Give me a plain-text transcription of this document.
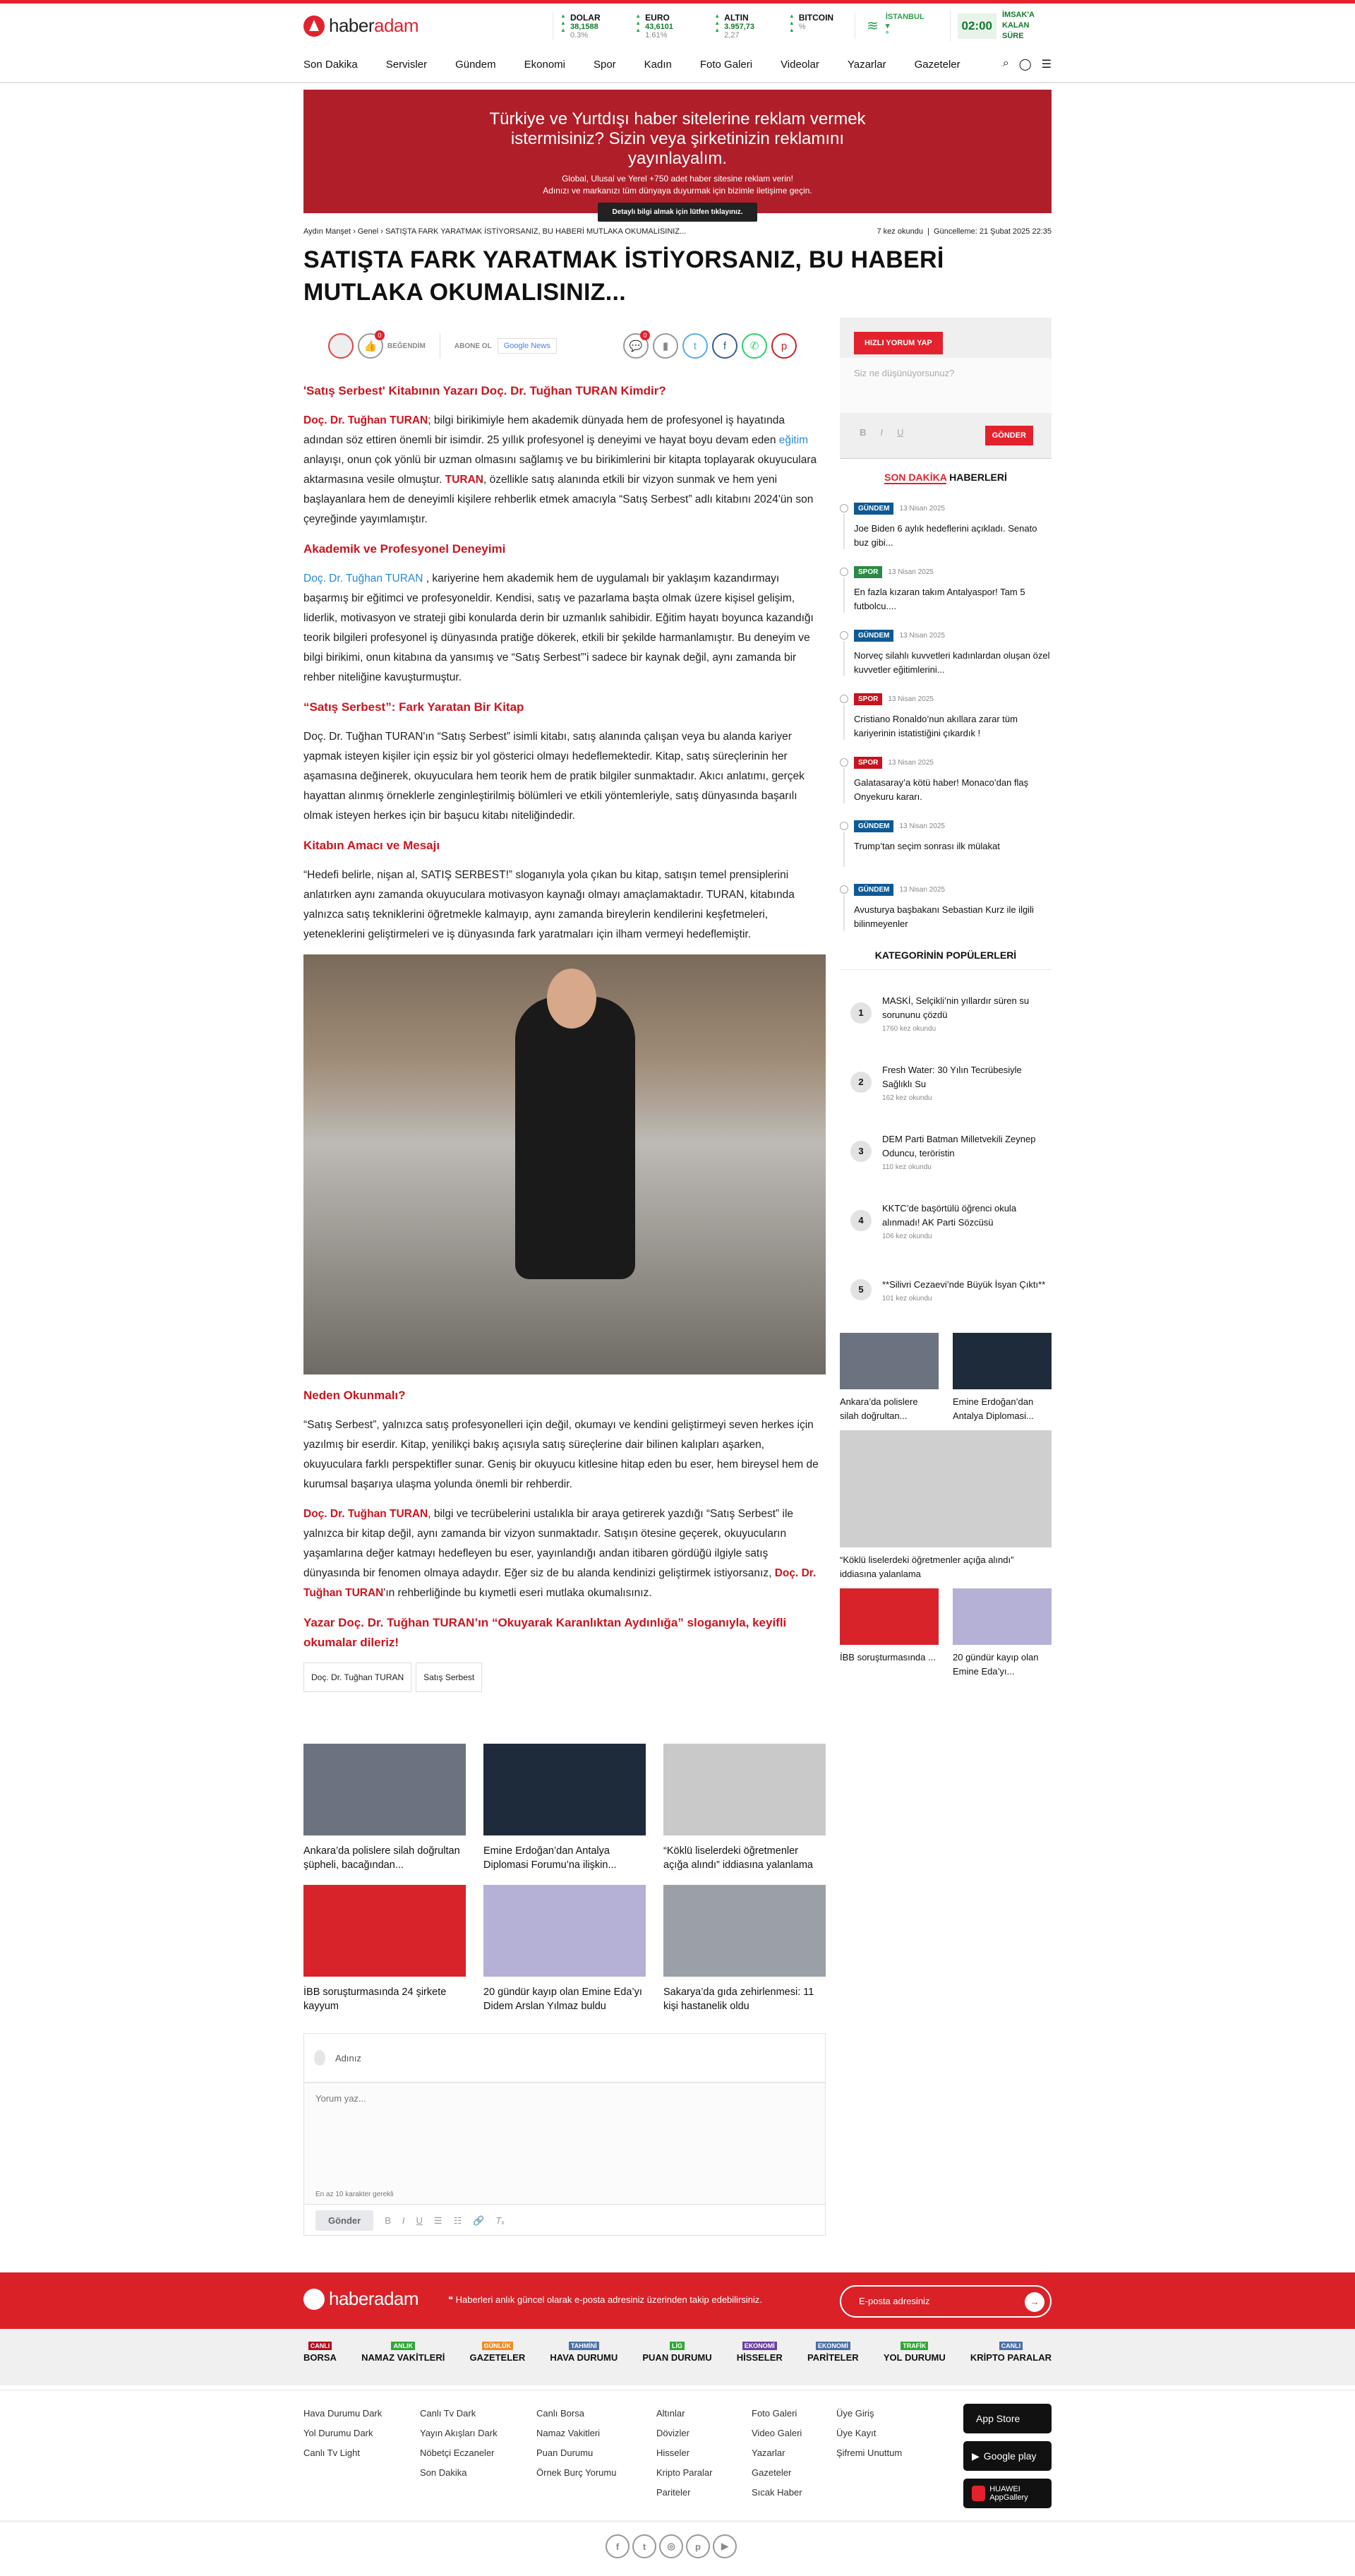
haber adam	▲
▲
▲
DOLAR
38,1588 0.3%
▲
▲
▲
EURO
43,6101 1.61%
▲
▲
▲
ALTIN
3.957,73 2,27
▲
▲
▲
BITCOIN
%	≋
İSTANBUL ▾
°
02:00
İMSAK'A KALAN SÜRE
Son Dakika	Servisler	Gündem	Ekonomi	Spor	Kadın	Foto Galeri	Videolar	Yazarlar	Gazeteler	⌕ ◯ ☰
Türkiye ve Yurtdışı haber sitelerine reklam vermek istermisiniz? Sizin veya şirketinizin reklamını yayınlayalım.

Global, Ulusal ve Yerel +750 adet haber sitesine reklam verin!

Adınızı ve markanızı tüm dünyaya duyurmak için bizimle iletişime geçin.

Detaylı bilgi almak için lütfen tıklayınız.
Aydın Manşet › Genel › SATIŞTA FARK YARATMAK İSTİYORSANIZ, BU HABERİ MUTLAKA OKUMALISINIZ...	7 kez okundu  |  Güncelleme: 21 Şubat 2025 22:35
SATIŞTA FARK YARATMAK İSTİYORSANIZ, BU HABERİ MUTLAKA OKUMALISINIZ...
👍
0
BEĞENDİM	ABONE OL	Google News	💬
0
▮	t	f	✆	p
'Satış Serbest' Kitabının Yazarı Doç. Dr. Tuğhan TURAN Kimdir?

Doç. Dr. Tuğhan TURAN; bilgi birikimiyle hem akademik dünyada hem de profesyonel iş hayatında adından söz ettiren önemli bir isimdir. 25 yıllık profesyonel iş deneyimi ve hayat boyu devam eden eğitim anlayışı, onun çok yönlü bir uzman olmasını sağlamış ve bu birikimlerini bir kitapta toplayarak okuyuculara aktarmasına vesile olmuştur. TURAN, özellikle satış alanında etkili bir vizyon sunmak ve hem yeni başlayanlara hem de deneyimli kişilere rehberlik etmek amacıyla “Satış Serbest” adlı kitabını 2024'ün son çeyreğinde yayımlamıştır.

Akademik ve Profesyonel Deneyimi

Doç. Dr. Tuğhan TURAN , kariyerine hem akademik hem de uygulamalı bir yaklaşım kazandırmayı başarmış bir eğitimci ve profesyoneldir. Kendisi, satış ve pazarlama başta olmak üzere kişisel gelişim, liderlik, motivasyon ve strateji gibi konularda derin bir uzmanlık sahibidir. Eğitim hayatı boyunca kazandığı teorik bilgileri profesyonel iş dünyasında pratiğe dökerek, etkili bir şekilde harmanlamıştır. Bu deneyim ve bilgi birikimi, onun kitabına da yansımış ve “Satış Serbest”'i sadece bir kaynak değil, aynı zamanda bir rehber niteliğine kavuşturmuştur.

“Satış Serbest”: Fark Yaratan Bir Kitap

Doç. Dr. Tuğhan TURAN'ın “Satış Serbest” isimli kitabı, satış alanında çalışan veya bu alanda kariyer yapmak isteyen kişiler için eşsiz bir yol gösterici olmayı hedeflemektedir. Kitap, satış süreçlerinin her aşamasına değinerek, okuyuculara hem teorik hem de pratik bilgiler sunmaktadır. Akıcı anlatımı, gerçek hayattan alınmış örneklerle zenginleştirilmiş bölümleri ve etkili yöntemleriyle, satış dünyasında başarılı olmak isteyen herkes için bir başucu kitabı niteliğindedir.

Kitabın Amacı ve Mesajı

“Hedefi belirle, nişan al, SATIŞ SERBEST!” sloganıyla yola çıkan bu kitap, satışın temel prensiplerini anlatırken aynı zamanda okuyuculara motivasyon kaynağı olmayı amaçlamaktadır. TURAN, kitabında yalnızca satış tekniklerini öğretmekle kalmayıp, aynı zamanda bireylerin kendilerini keşfetmeleri, yeteneklerini geliştirmeleri ve iş dünyasında fark yaratmaları için ilham vermeyi hedeflemiştir.

Neden Okunmalı?

“Satış Serbest”, yalnızca satış profesyonelleri için değil, okumayı ve kendini geliştirmeyi seven herkes için yazılmış bir eserdir. Kitap, yenilikçi bakış açısıyla satış süreçlerine dair bilinen kalıpları aşarken, okuyuculara farklı perspektifler sunar. Geniş bir okuyucu kitlesine hitap eden bu eser, hem bireysel hem de kurumsal başarıya ulaşma yolunda önemli bir rehberdir.

Doç. Dr. Tuğhan TURAN, bilgi ve tecrübelerini ustalıkla bir araya getirerek yazdığı “Satış Serbest” ile yalnızca bir kitap değil, aynı zamanda bir vizyon sunmaktadır. Satışın ötesine geçerek, okuyucuların yaşamlarına değer katmayı hedefleyen bu eser, yayınlandığı andan itibaren gördüğü ilgiyle satış dünyasında bir fenomen olmaya adaydır. Eğer siz de bu alanda kendinizi geliştirmek istiyorsanız, Doç. Dr. Tuğhan TURAN'ın rehberliğinde bu kıymetli eseri mutlaka okumalısınız.

Yazar Doç. Dr. Tuğhan TURAN’ın “Okuyarak Karanlıktan Aydınlığa” sloganıyla, keyifli okumalar dileriz!
Doç. Dr. Tuğhan TURAN	Satış Serbest
Ankara’da polislere silah doğrultan şüpheli, bacağından...
Emine Erdoğan’dan Antalya Diplomasi Forumu’na ilişkin...
“Köklü liselerdeki öğretmenler açığa alındı” iddiasına yalanlama
İBB soruşturmasında 24 şirkete kayyum
20 gündür kayıp olan Emine Eda’yı Didem Arslan Yılmaz buldu
Sakarya’da gıda zehirlenmesi: 11 kişi hastanelik oldu
Adınız
Yorum yaz...
En az 10 karakter gerekli
Gönder	B I U ☰ ☷ 🔗 Tₓ
HIZLI YORUM YAP
Siz ne düşünüyorsunuz?
B I U	GÖNDER
SON DAKİKA HABERLERİ
GÜNDEM 13 Nisan 2025
Joe Biden 6 aylık hedeflerini açıkladı. Senato buz gibi...
SPOR 13 Nisan 2025
En fazla kızaran takım Antalyaspor! Tam 5 futbolcu....
GÜNDEM 13 Nisan 2025
Norveç silahlı kuvvetleri kadınlardan oluşan özel kuvvetler eğitimlerini...
SPOR 13 Nisan 2025
Cristiano Ronaldo’nun akıllara zarar tüm kariyerinin istatistiğini çıkardık !
SPOR 13 Nisan 2025
Galatasaray’a kötü haber! Monaco’dan flaş Onyekuru kararı.
GÜNDEM 13 Nisan 2025
Trump’tan seçim sonrası ilk mülakat
GÜNDEM 13 Nisan 2025
Avusturya başbakanı Sebastian Kurz ile ilgili bilinmeyenler
KATEGORİNİN POPÜLERLERİ
1
MASKİ, Selçikli’nin yıllardır süren su sorununu çözdü
1760 kez okundu
2
Fresh Water: 30 Yılın Tecrübesiyle Sağlıklı Su
162 kez okundu
3
DEM Parti Batman Milletvekili Zeynep Oduncu, teröristin
110 kez okundu
4
KKTC’de başörtülü öğrenci okula alınmadı! AK Parti Sözcüsü
106 kez okundu
5	**Silivri Cezaevi’nde Büyük İsyan Çıktı**
101 kez okundu
Ankara’da polislere silah doğrultan...
Emine Erdoğan’dan Antalya Diplomasi...
“Köklü liselerdeki öğretmenler açığa alındı” iddiasına yalanlama
İBB soruşturmasında ...	20 gündür kayıp olan Emine Eda’yı...
haber adam	❝ Haberleri anlık güncel olarak e-posta adresiniz üzerinden takip edebilirsiniz.	E-posta adresiniz	→
CANLI
BORSA
ANLIK
NAMAZ VAKİTLERİ
GÜNLÜK
GAZETELER
TAHMİNİ
HAVA DURUMU
LİG
PUAN DURUMU
EKONOMİ
HİSSELER
EKONOMİ
PARİTELER
TRAFİK
YOL DURUMU
CANLI
KRİPTO PARALAR
Hava Durumu Dark
Yol Durumu Dark
Canlı Tv Light
Canlı Tv Dark
Yayın Akışları Dark
Nöbetçi Eczaneler
Son Dakika
Canlı Borsa
Namaz Vakitleri
Puan Durumu
Örnek Burç Yorumu
Altınlar
Dövizler
Hisseler
Kripto Paralar
Pariteler
Foto Galeri
Video Galeri
Yazarlar
Gazeteler
Sıcak Haber
Üye Giriş
Üye Kayıt
Şifremi Unuttum
App Store
▶ Google play
HUAWEI AppGallery
f	t	◎	p	▶
